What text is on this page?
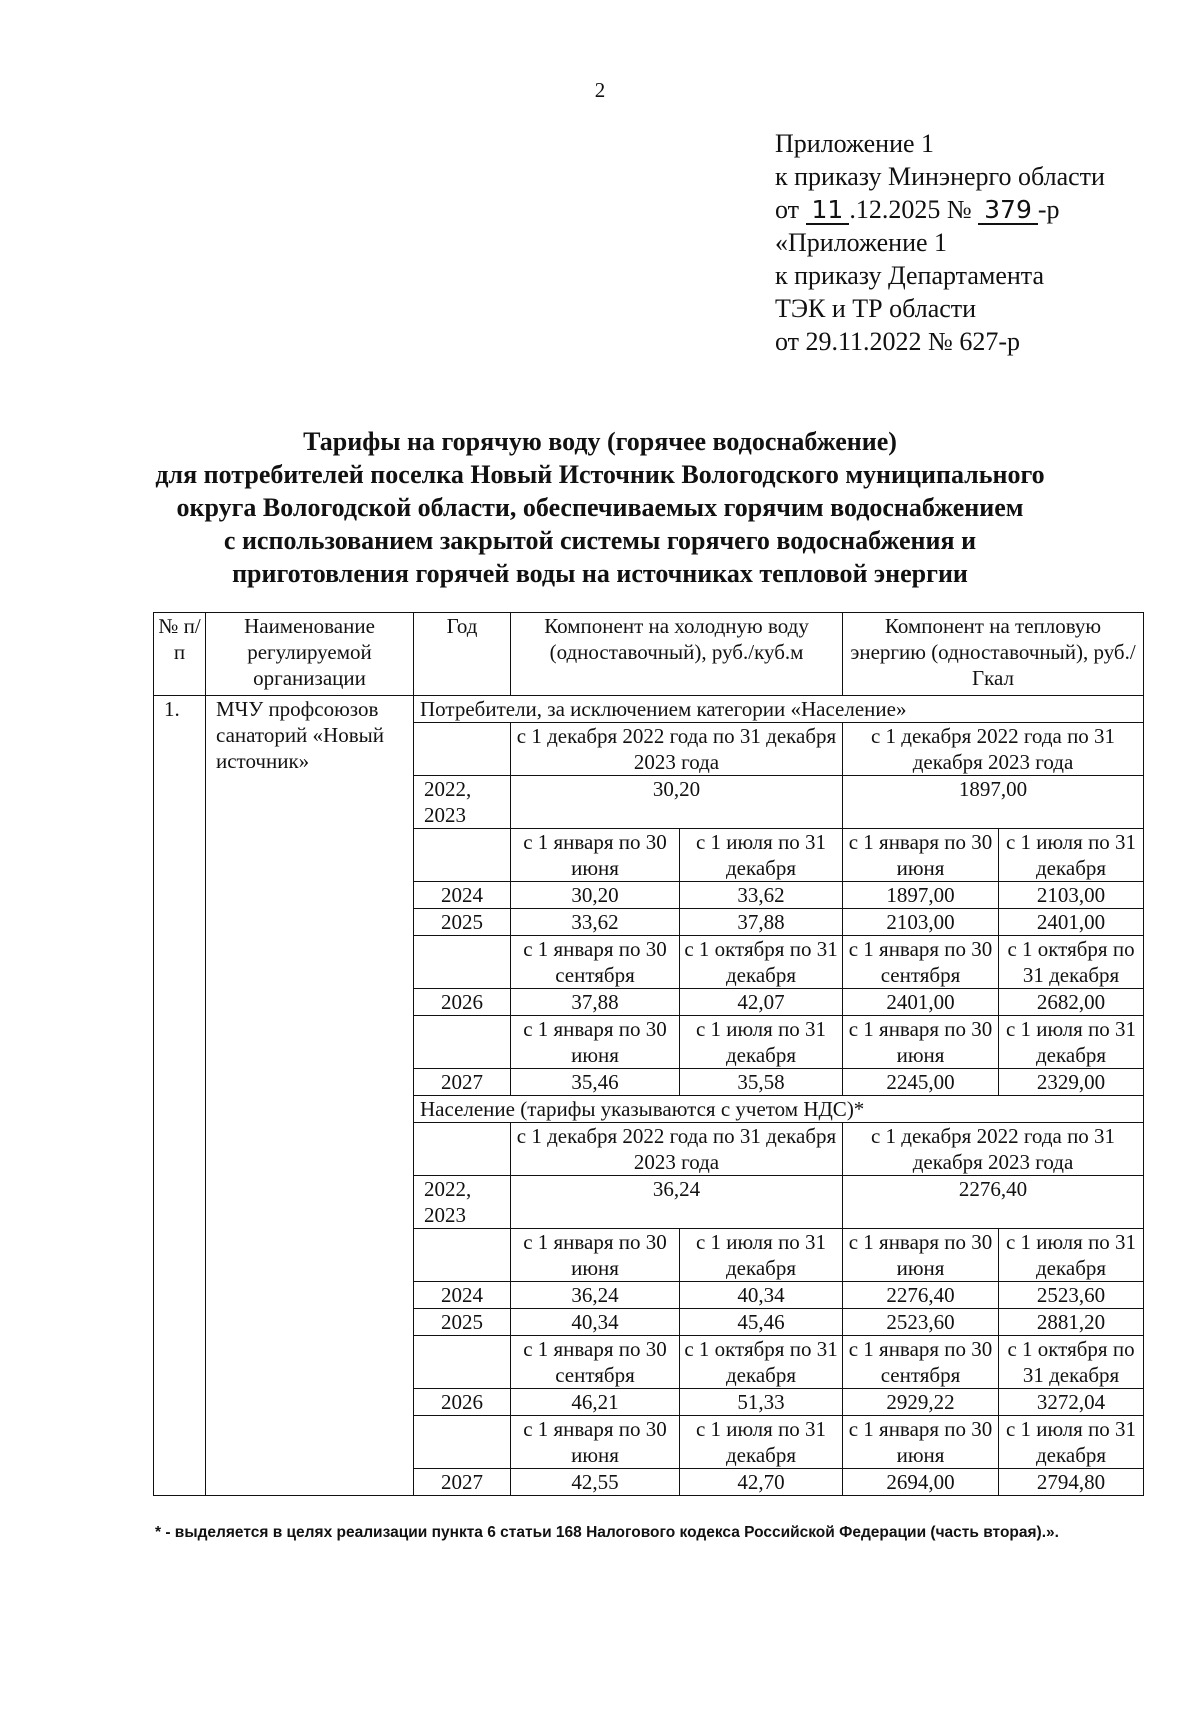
2
Приложение 1
к приказу Минэнерго области
от 11 .12.2025 № 379 -р
«Приложение 1
к приказу Департамента
ТЭК и ТР области
от 29.11.2022 № 627-р
Тарифы на горячую воду (горячее водоснабжение)
для потребителей поселка Новый Источник Вологодского муниципального
округа Вологодской области, обеспечиваемых горячим водоснабжением
с использованием закрытой системы горячего водоснабжения и
приготовления горячей воды на источниках тепловой энергии
№ п/п	Наименование регулируемой организации	Год	Компонент на холодную воду (одноставочный), руб./куб.м		Компонент на тепловую энергию (одноставочный), руб./Гкал	
1.	МЧУ профсоюзов санаторий «Новый источник»	Потребители, за исключением категории «Население»				
			с 1 декабря 2022 года по 31 декабря 2023 года		с 1 декабря 2022 года по 31 декабря 2023 года	
		2022, 2023	30,20		1897,00	
			с 1 января по 30 июня	с 1 июля по 31 декабря	с 1 января по 30 июня	с 1 июля по 31 декабря
		2024	30,20	33,62	1897,00	2103,00
		2025	33,62	37,88	2103,00	2401,00
			с 1 января по 30 сентября	с 1 октября по 31 декабря	с 1 января по 30 сентября	с 1 октября по 31 декабря
		2026	37,88	42,07	2401,00	2682,00
			с 1 января по 30 июня	с 1 июля по 31 декабря	с 1 января по 30 июня	с 1 июля по 31 декабря
		2027	35,46	35,58	2245,00	2329,00
		Население (тарифы указываются с учетом НДС)*				
			с 1 декабря 2022 года по 31 декабря 2023 года		с 1 декабря 2022 года по 31 декабря 2023 года	
		2022, 2023	36,24		2276,40	
			с 1 января по 30 июня	с 1 июля по 31 декабря	с 1 января по 30 июня	с 1 июля по 31 декабря
		2024	36,24	40,34	2276,40	2523,60
		2025	40,34	45,46	2523,60	2881,20
			с 1 января по 30 сентября	с 1 октября по 31 декабря	с 1 января по 30 сентября	с 1 октября по 31 декабря
		2026	46,21	51,33	2929,22	3272,04
			с 1 января по 30 июня	с 1 июля по 31 декабря	с 1 января по 30 июня	с 1 июля по 31 декабря
		2027	42,55	42,70	2694,00	2794,80
* - выделяется в целях реализации пункта 6 статьи 168 Налогового кодекса Российской Федерации (часть вторая).».
